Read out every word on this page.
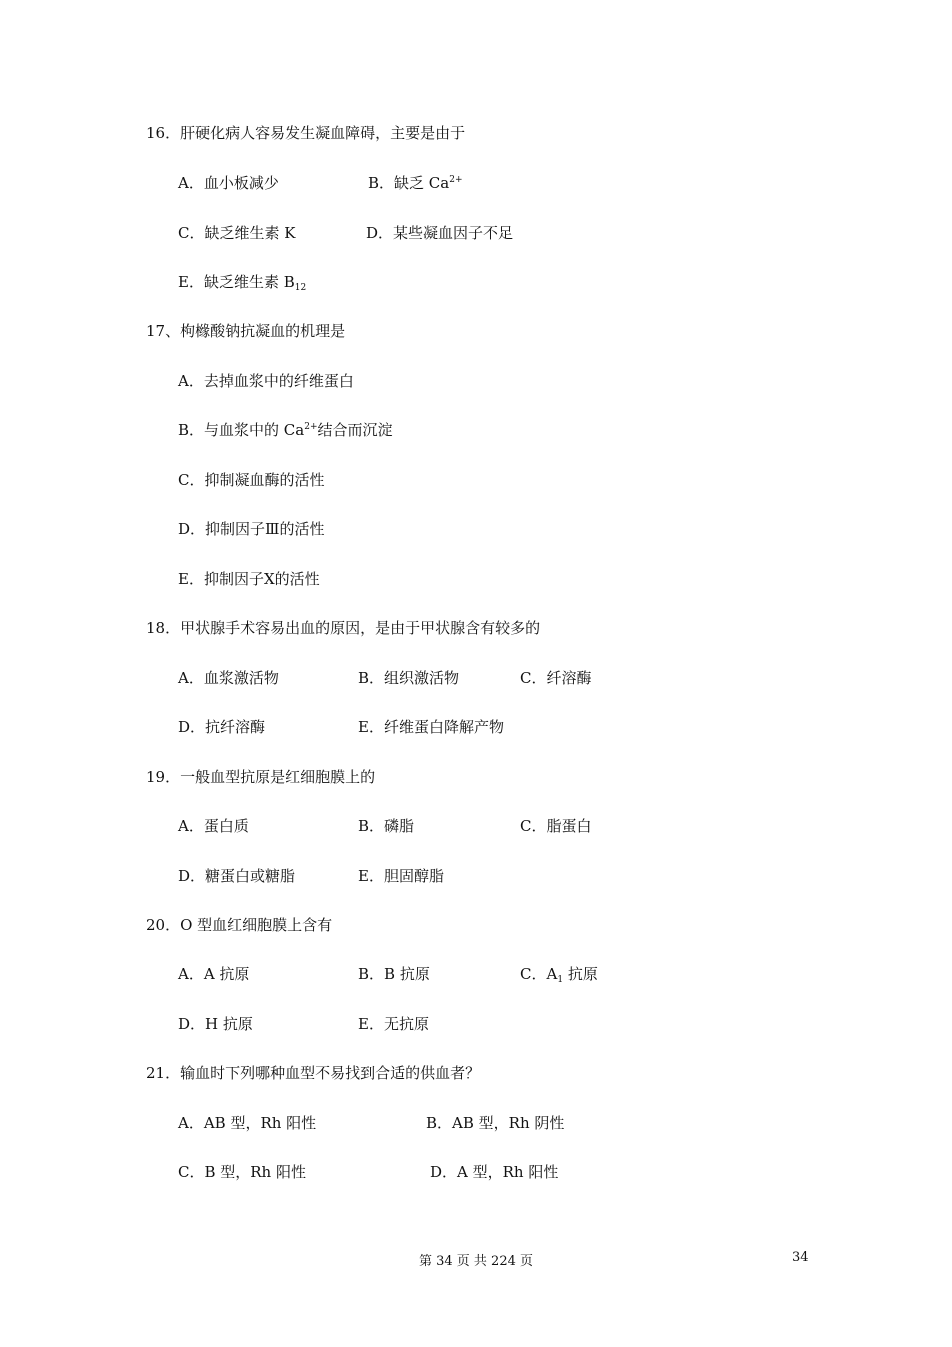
16．肝硬化病人容易发生凝血障碍，主要是由于
A．血小板减少	B．缺乏 $Ca^{2+}$
C．缺乏维生素 K	D．某些凝血因子不足
E．缺乏维生素 $B_{12}$
17、枸橼酸钠抗凝血的机理是
A．去掉血浆中的纤维蛋白
B．与血浆中的 $Ca^{2+}$结合而沉淀
C．抑制凝血酶的活性
D．抑制因子Ⅲ的活性
E．抑制因子Ⅹ的活性
18．甲状腺手术容易出血的原因，是由于甲状腺含有较多的
A．血浆激活物	B．组织激活物	C．纤溶酶
D．抗纤溶酶	E．纤维蛋白降解产物
19．一般血型抗原是红细胞膜上的
A．蛋白质	B．磷脂	C．脂蛋白
D．糖蛋白或糖脂	E．胆固醇脂
20．O 型血红细胞膜上含有
A．A 抗原	B．B 抗原	C．$A_1$ 抗原
D．H 抗原	E．无抗原
21．输血时下列哪种血型不易找到合适的供血者？
A．AB 型，Rh 阳性	B．AB 型，Rh 阴性
C．B 型，Rh 阳性	D．A 型，Rh 阳性
第 34 页 共 224 页	34
